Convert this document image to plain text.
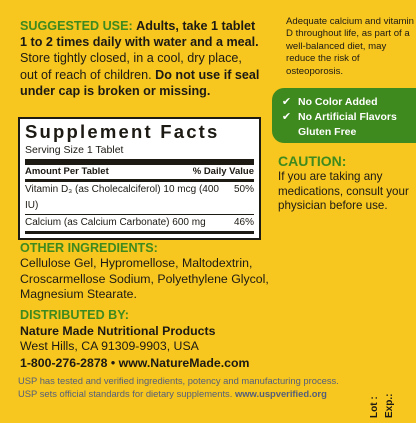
SUGGESTED USE: Adults, take 1 tablet 1 to 2 times daily with water and a meal. Store tightly closed, in a cool, dry place, out of reach of children. Do not use if seal under cap is broken or missing.
Supplement Facts
Serving Size 1 Tablet
Amount Per Tablet	% Daily Value
Vitamin D₃ (as Cholecalciferol) 10 mcg (400 IU)
50%
Calcium (as Calcium Carbonate) 600 mg	46%
OTHER INGREDIENTS:
Cellulose Gel, Hypromellose, Maltodextrin, Croscarmellose Sodium, Polyethylene Glycol, Magnesium Stearate.
DISTRIBUTED BY:
Nature Made Nutritional Products
West Hills, CA 91309-9903, USA
1-800-276-2878 • www.NatureMade.com
USP has tested and verified ingredients, potency and manufacturing process.
USP sets official standards for dietary supplements. www.uspverified.org
Adequate calcium and vitamin D throughout life, as part of a well-balanced diet, may reduce the risk of osteoporosis.
✔ No Color Added
✔ No Artificial Flavors
Gluten Free
CAUTION:
If you are taking any medications, consult your physician before use.
Lot : Exp.:
